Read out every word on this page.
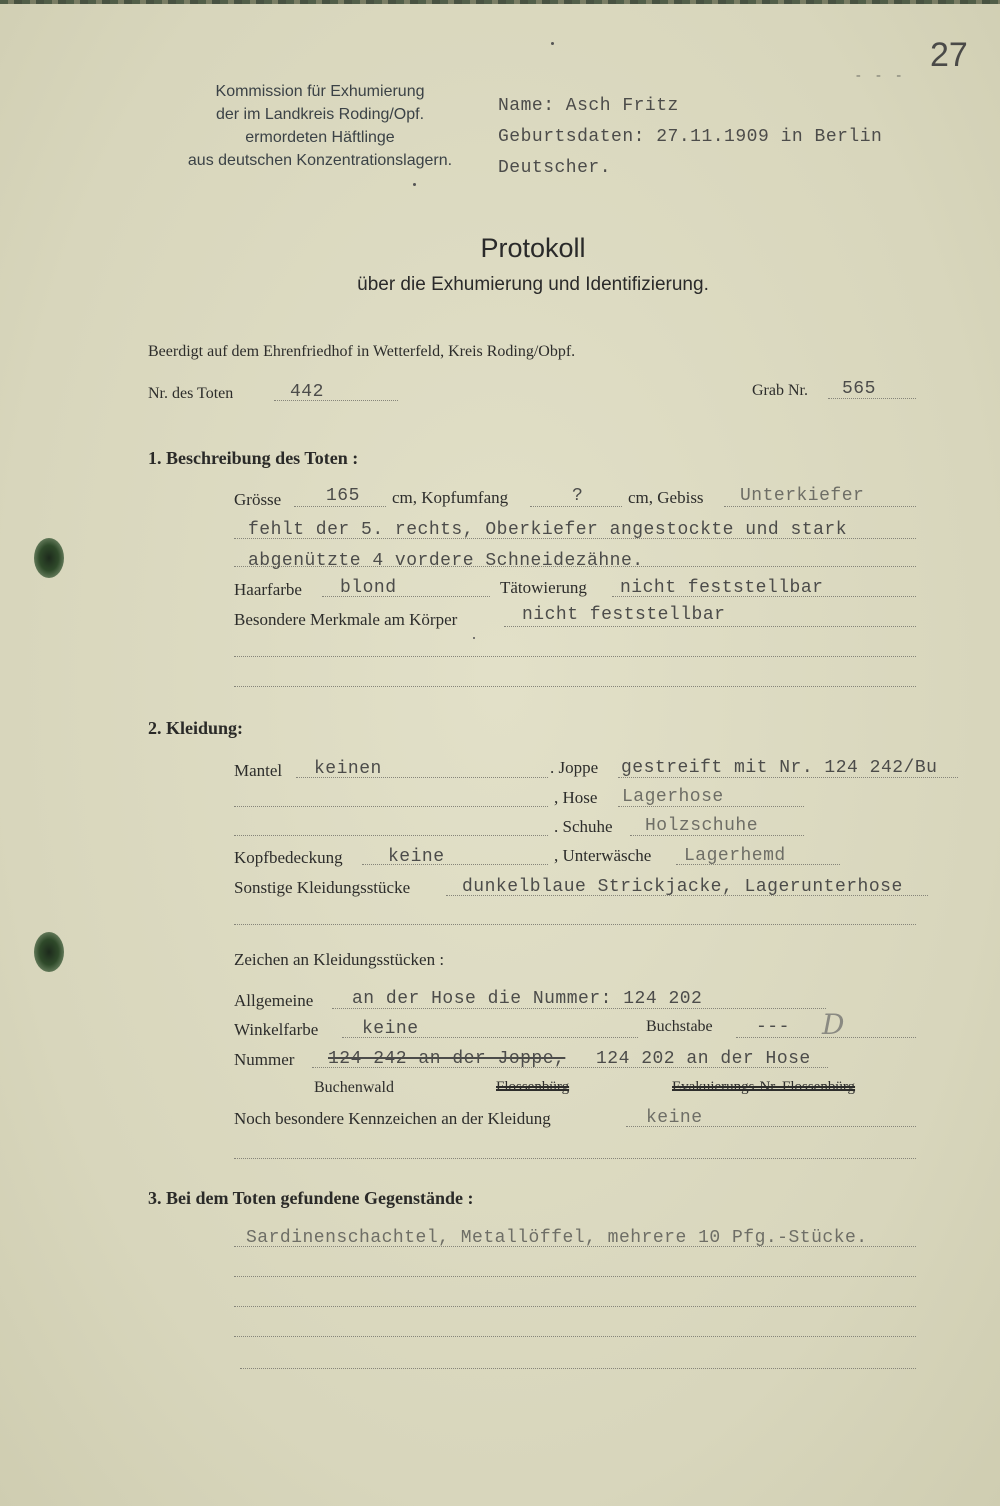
27
- - -
Kommission für Exhumierung
der im Landkreis Roding/Opf.
ermordeten Häftlinge
aus deutschen Konzentrationslagern.
Name: Asch Fritz
Geburtsdaten: 27.11.1909 in Berlin
Deutscher.
Protokoll
über die Exhumierung und Identifizierung.
Beerdigt auf dem Ehrenfriedhof in Wetterfeld, Kreis Roding/Obpf.
Nr. des Toten	442	Grab Nr. 565
1. Beschreibung des Toten :
Grösse 165 cm, Kopfumfang	?	cm, Gebiss Unterkiefer
fehlt der 5. rechts, Oberkiefer angestockte und stark
abgenützte 4 vordere Schneidezähne.
Haarfarbe blond	Tätowierung nicht feststellbar
Besondere Merkmale am Körper	nicht feststellbar
2. Kleidung:
Mantel keinen	. Joppe gestreift mit Nr. 124 242/Bu
, Hose Lagerhose
. Schuhe Holzschuhe
Kopfbedeckung	keine	, Unterwäsche Lagerhemd
Sonstige Kleidungsstücke	dunkelblaue Strickjacke, Lagerunterhose
Zeichen an Kleidungsstücken :
Allgemeine an der Hose die Nummer: 124 202
Winkelfarbe keine	Buchstabe --- D
Nummer 124 242 an der Joppe, 124 202 an der Hose
Buchenwald	Flossenbürg	Evakuierungs-Nr. Flossenbürg
Noch besondere Kennzeichen an der Kleidung	keine
3. Bei dem Toten gefundene Gegenstände :
Sardinenschachtel, Metallöffel, mehrere 10 Pfg.-Stücke.
